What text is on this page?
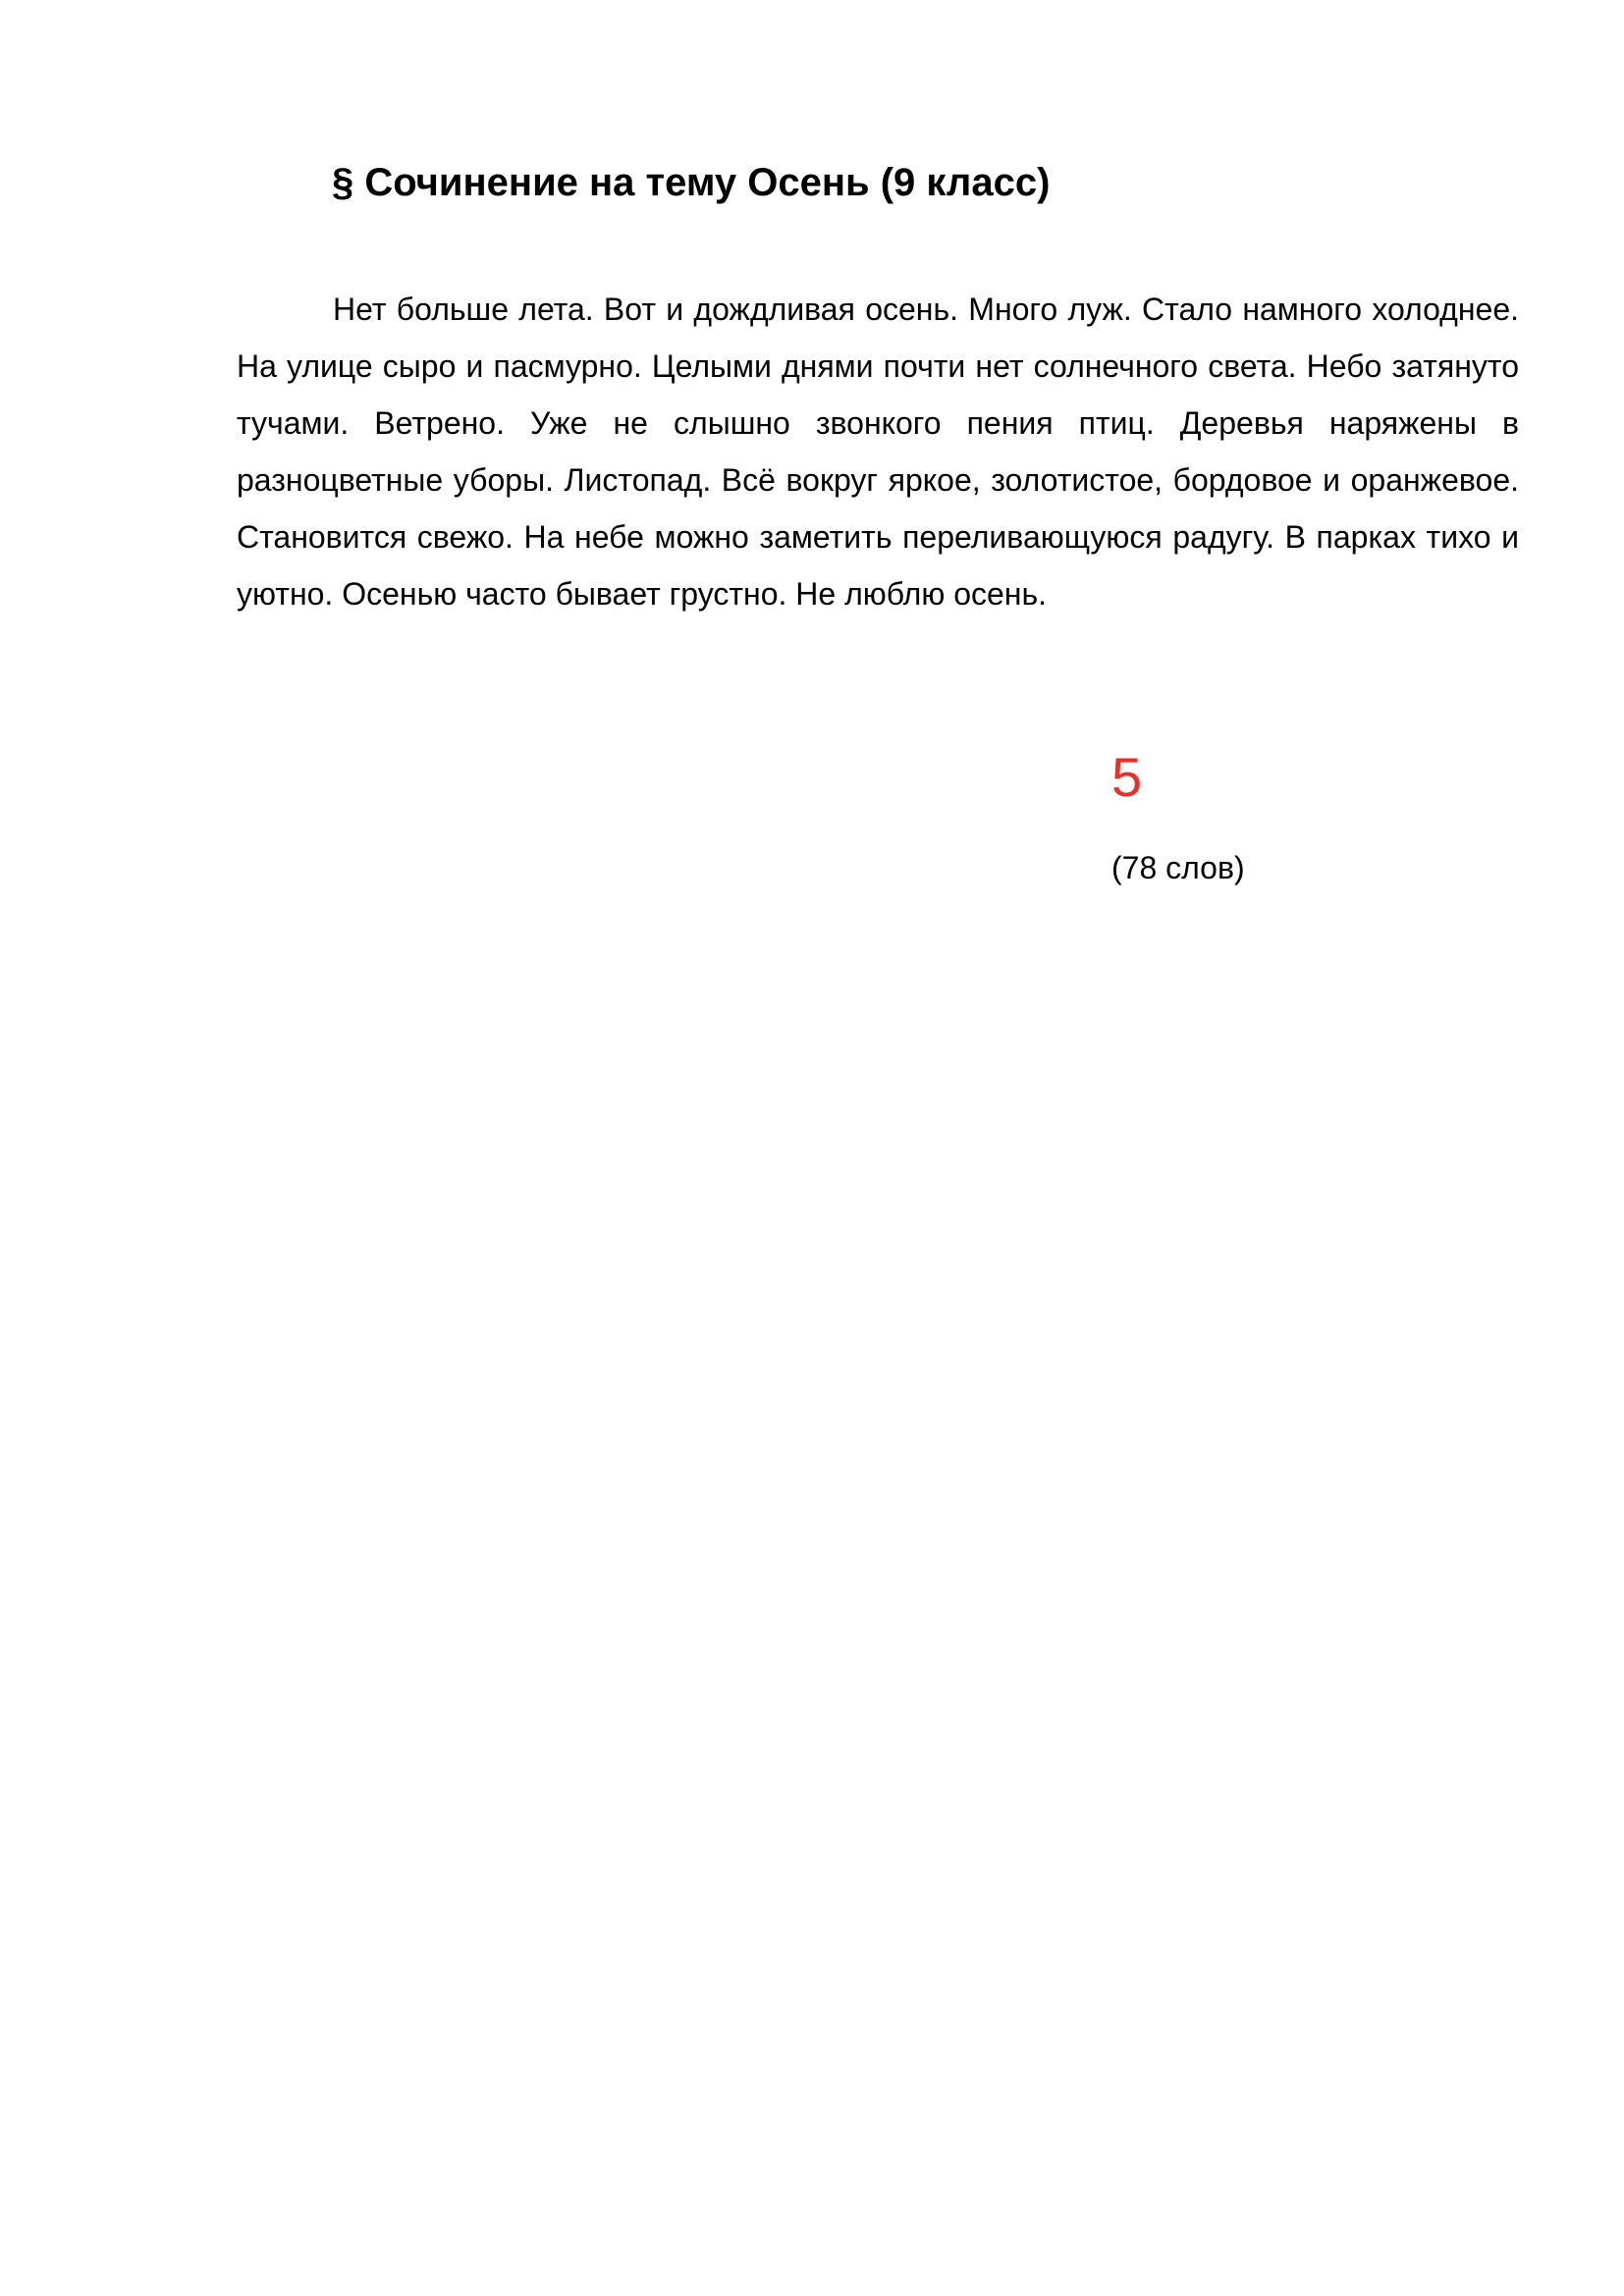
§ Сочинение на тему Осень (9 класс)

Нет больше лета. Вот и дождливая осень. Много луж. Стало намного холоднее. На улице сыро и пасмурно. Целыми днями почти нет солнечного света. Небо затянуто тучами. Ветрено. Уже не слышно звонкого пения птиц. Деревья наряжены в разноцветные уборы. Листопад. Всё вокруг яркое, золотистое, бордовое и оранжевое. Становится свежо. На небе можно заметить переливающуюся радугу. В парках тихо и уютно. Осенью часто бывает грустно. Не люблю осень.

5
(78 слов)
